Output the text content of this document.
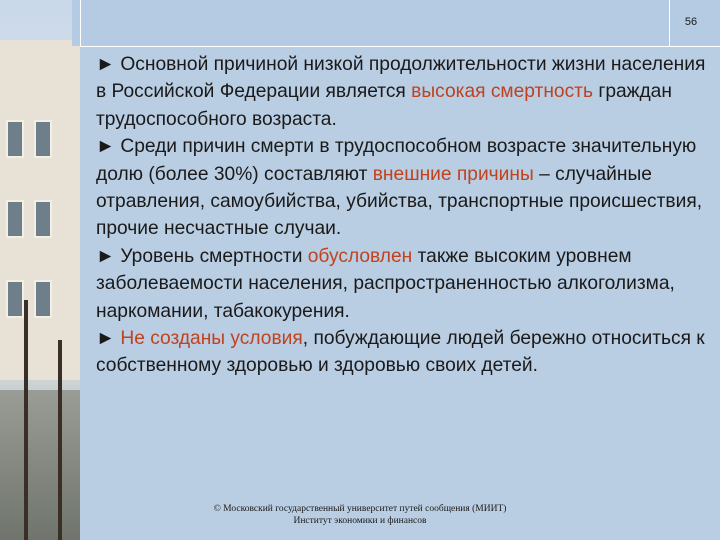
56
► Основной причиной низкой продолжительности жизни населения в Российской Федерации является высокая смертность граждан трудоспособного возраста.
► Среди причин смерти в трудоспособном возрасте значительную долю (более 30%) составляют внешние причины – случайные отравления, самоубийства, убийства, транспортные происшествия, прочие несчастные случаи.
► Уровень смертности обусловлен также высоким уровнем заболеваемости населения, распространенностью алкоголизма, наркомании, табакокурения.
► Не созданы условия, побуждающие людей бережно относиться к собственному здоровью и здоровью своих детей.
© Московский государственный университет путей сообщения (МИИТ)
Институт экономики и финансов
